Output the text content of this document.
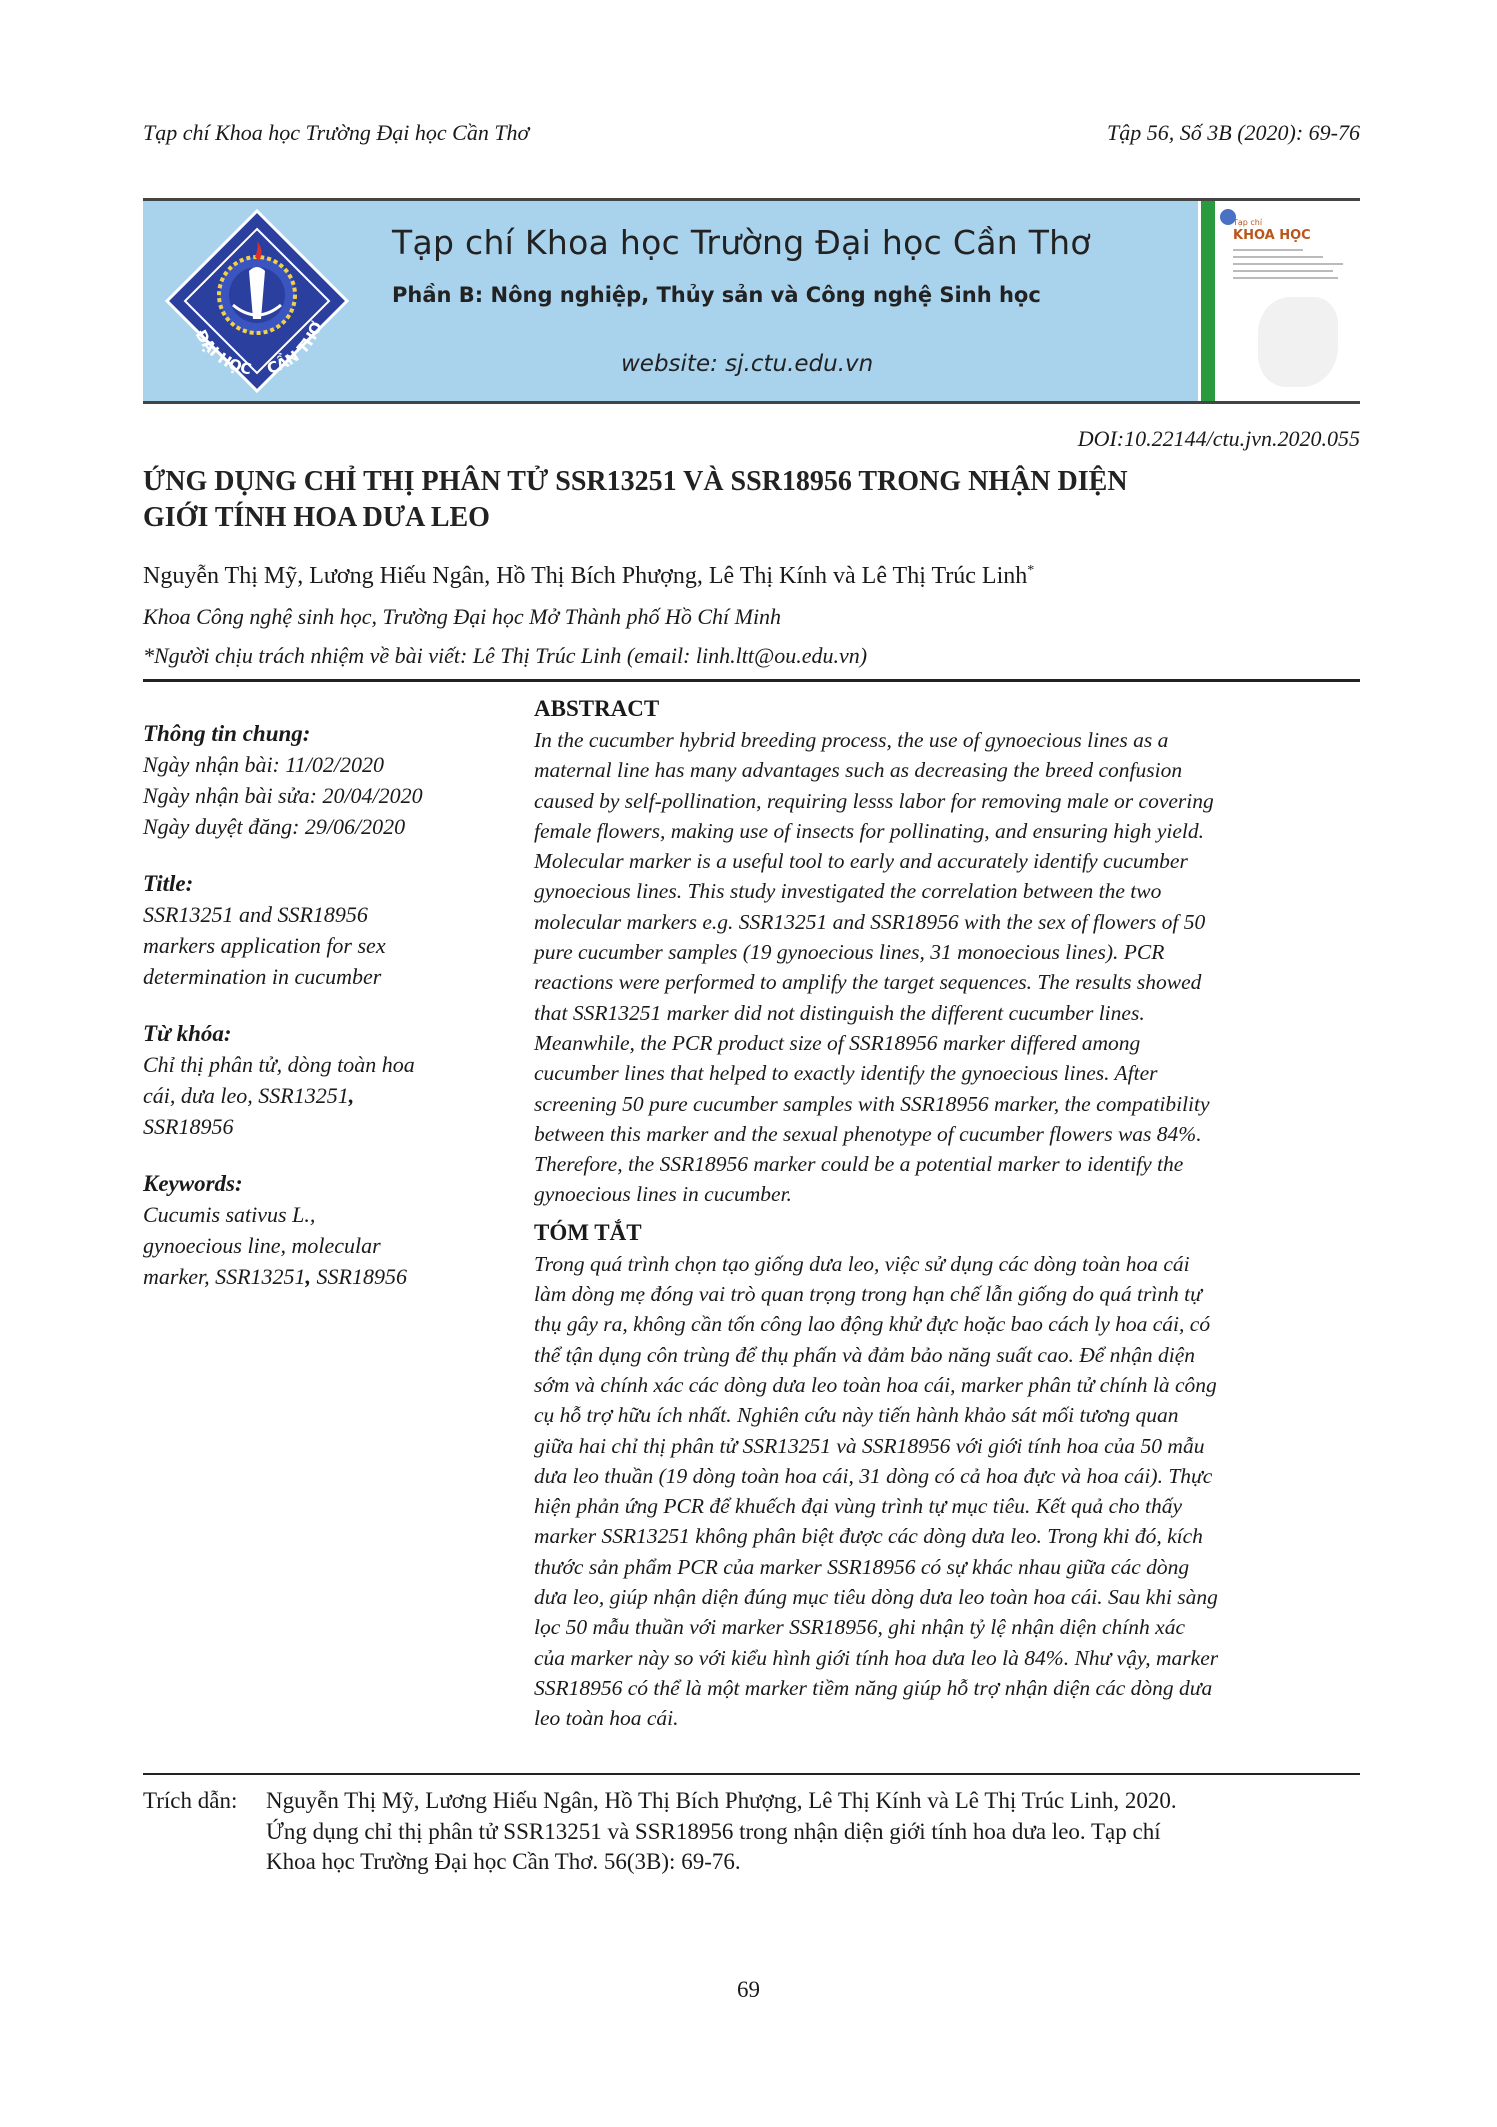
Tạp chí Khoa học Trường Đại học Cần Thơ	Tập 56, Số 3B (2020): 69-76
ĐẠI HỌC CẦN THƠ
Tạp chí Khoa học Trường Đại học Cần Thơ
Phần B: Nông nghiệp, Thủy sản và Công nghệ Sinh học
website: sj.ctu.edu.vn
Tạp chí
KHOA HỌC
DOI:10.22144/ctu.jvn.2020.055
ỨNG DỤNG CHỈ THỊ PHÂN TỬ SSR13251 VÀ SSR18956 TRONG NHẬN DIỆN
GIỚI TÍNH HOA DƯA LEO
Nguyễn Thị Mỹ, Lương Hiếu Ngân, Hồ Thị Bích Phượng, Lê Thị Kính và Lê Thị Trúc Linh*
Khoa Công nghệ sinh học, Trường Đại học Mở Thành phố Hồ Chí Minh
*Người chịu trách nhiệm về bài viết: Lê Thị Trúc Linh (email: linh.ltt@ou.edu.vn)
Thông tin chung:
Ngày nhận bài: 11/02/2020
Ngày nhận bài sửa: 20/04/2020
Ngày duyệt đăng: 29/06/2020
Title:
SSR13251 and SSR18956
markers application for sex
determination in cucumber
Từ khóa:
Chỉ thị phân tử, dòng toàn hoa
cái, dưa leo, SSR13251,
SSR18956
Keywords:
Cucumis sativus L.,
gynoecious line, molecular
marker, SSR13251, SSR18956
ABSTRACT
In the cucumber hybrid breeding process, the use of gynoecious lines as a
maternal line has many advantages such as decreasing the breed confusion
caused by self-pollination, requiring lesss labor for removing male or covering
female flowers, making use of insects for pollinating, and ensuring high yield.
Molecular marker is a useful tool to early and accurately identify cucumber
gynoecious lines. This study investigated the correlation between the two
molecular markers e.g. SSR13251 and SSR18956 with the sex of flowers of 50
pure cucumber samples (19 gynoecious lines, 31 monoecious lines). PCR
reactions were performed to amplify the target sequences. The results showed
that SSR13251 marker did not distinguish the different cucumber lines.
Meanwhile, the PCR product size of SSR18956 marker differed among
cucumber lines that helped to exactly identify the gynoecious lines. After
screening 50 pure cucumber samples with SSR18956 marker, the compatibility
between this marker and the sexual phenotype of cucumber flowers was 84%.
Therefore, the SSR18956 marker could be a potential marker to identify the
gynoecious lines in cucumber.
TÓM TẮT
Trong quá trình chọn tạo giống dưa leo, việc sử dụng các dòng toàn hoa cái
làm dòng mẹ đóng vai trò quan trọng trong hạn chế lẫn giống do quá trình tự
thụ gây ra, không cần tốn công lao động khử đực hoặc bao cách ly hoa cái, có
thể tận dụng côn trùng để thụ phấn và đảm bảo năng suất cao. Để nhận diện
sớm và chính xác các dòng dưa leo toàn hoa cái, marker phân tử chính là công
cụ hỗ trợ hữu ích nhất. Nghiên cứu này tiến hành khảo sát mối tương quan
giữa hai chỉ thị phân tử SSR13251 và SSR18956 với giới tính hoa của 50 mẫu
dưa leo thuần (19 dòng toàn hoa cái, 31 dòng có cả hoa đực và hoa cái). Thực
hiện phản ứng PCR để khuếch đại vùng trình tự mục tiêu. Kết quả cho thấy
marker SSR13251 không phân biệt được các dòng dưa leo. Trong khi đó, kích
thước sản phẩm PCR của marker SSR18956 có sự khác nhau giữa các dòng
dưa leo, giúp nhận diện đúng mục tiêu dòng dưa leo toàn hoa cái. Sau khi sàng
lọc 50 mẫu thuần với marker SSR18956, ghi nhận tỷ lệ nhận diện chính xác
của marker này so với kiểu hình giới tính hoa dưa leo là 84%. Như vậy, marker
SSR18956 có thể là một marker tiềm năng giúp hỗ trợ nhận diện các dòng dưa
leo toàn hoa cái.
Trích dẫn: Nguyễn Thị Mỹ, Lương Hiếu Ngân, Hồ Thị Bích Phượng, Lê Thị Kính và Lê Thị Trúc Linh, 2020.
Ứng dụng chỉ thị phân tử SSR13251 và SSR18956 trong nhận diện giới tính hoa dưa leo. Tạp chí
Khoa học Trường Đại học Cần Thơ. 56(3B): 69-76.
69
